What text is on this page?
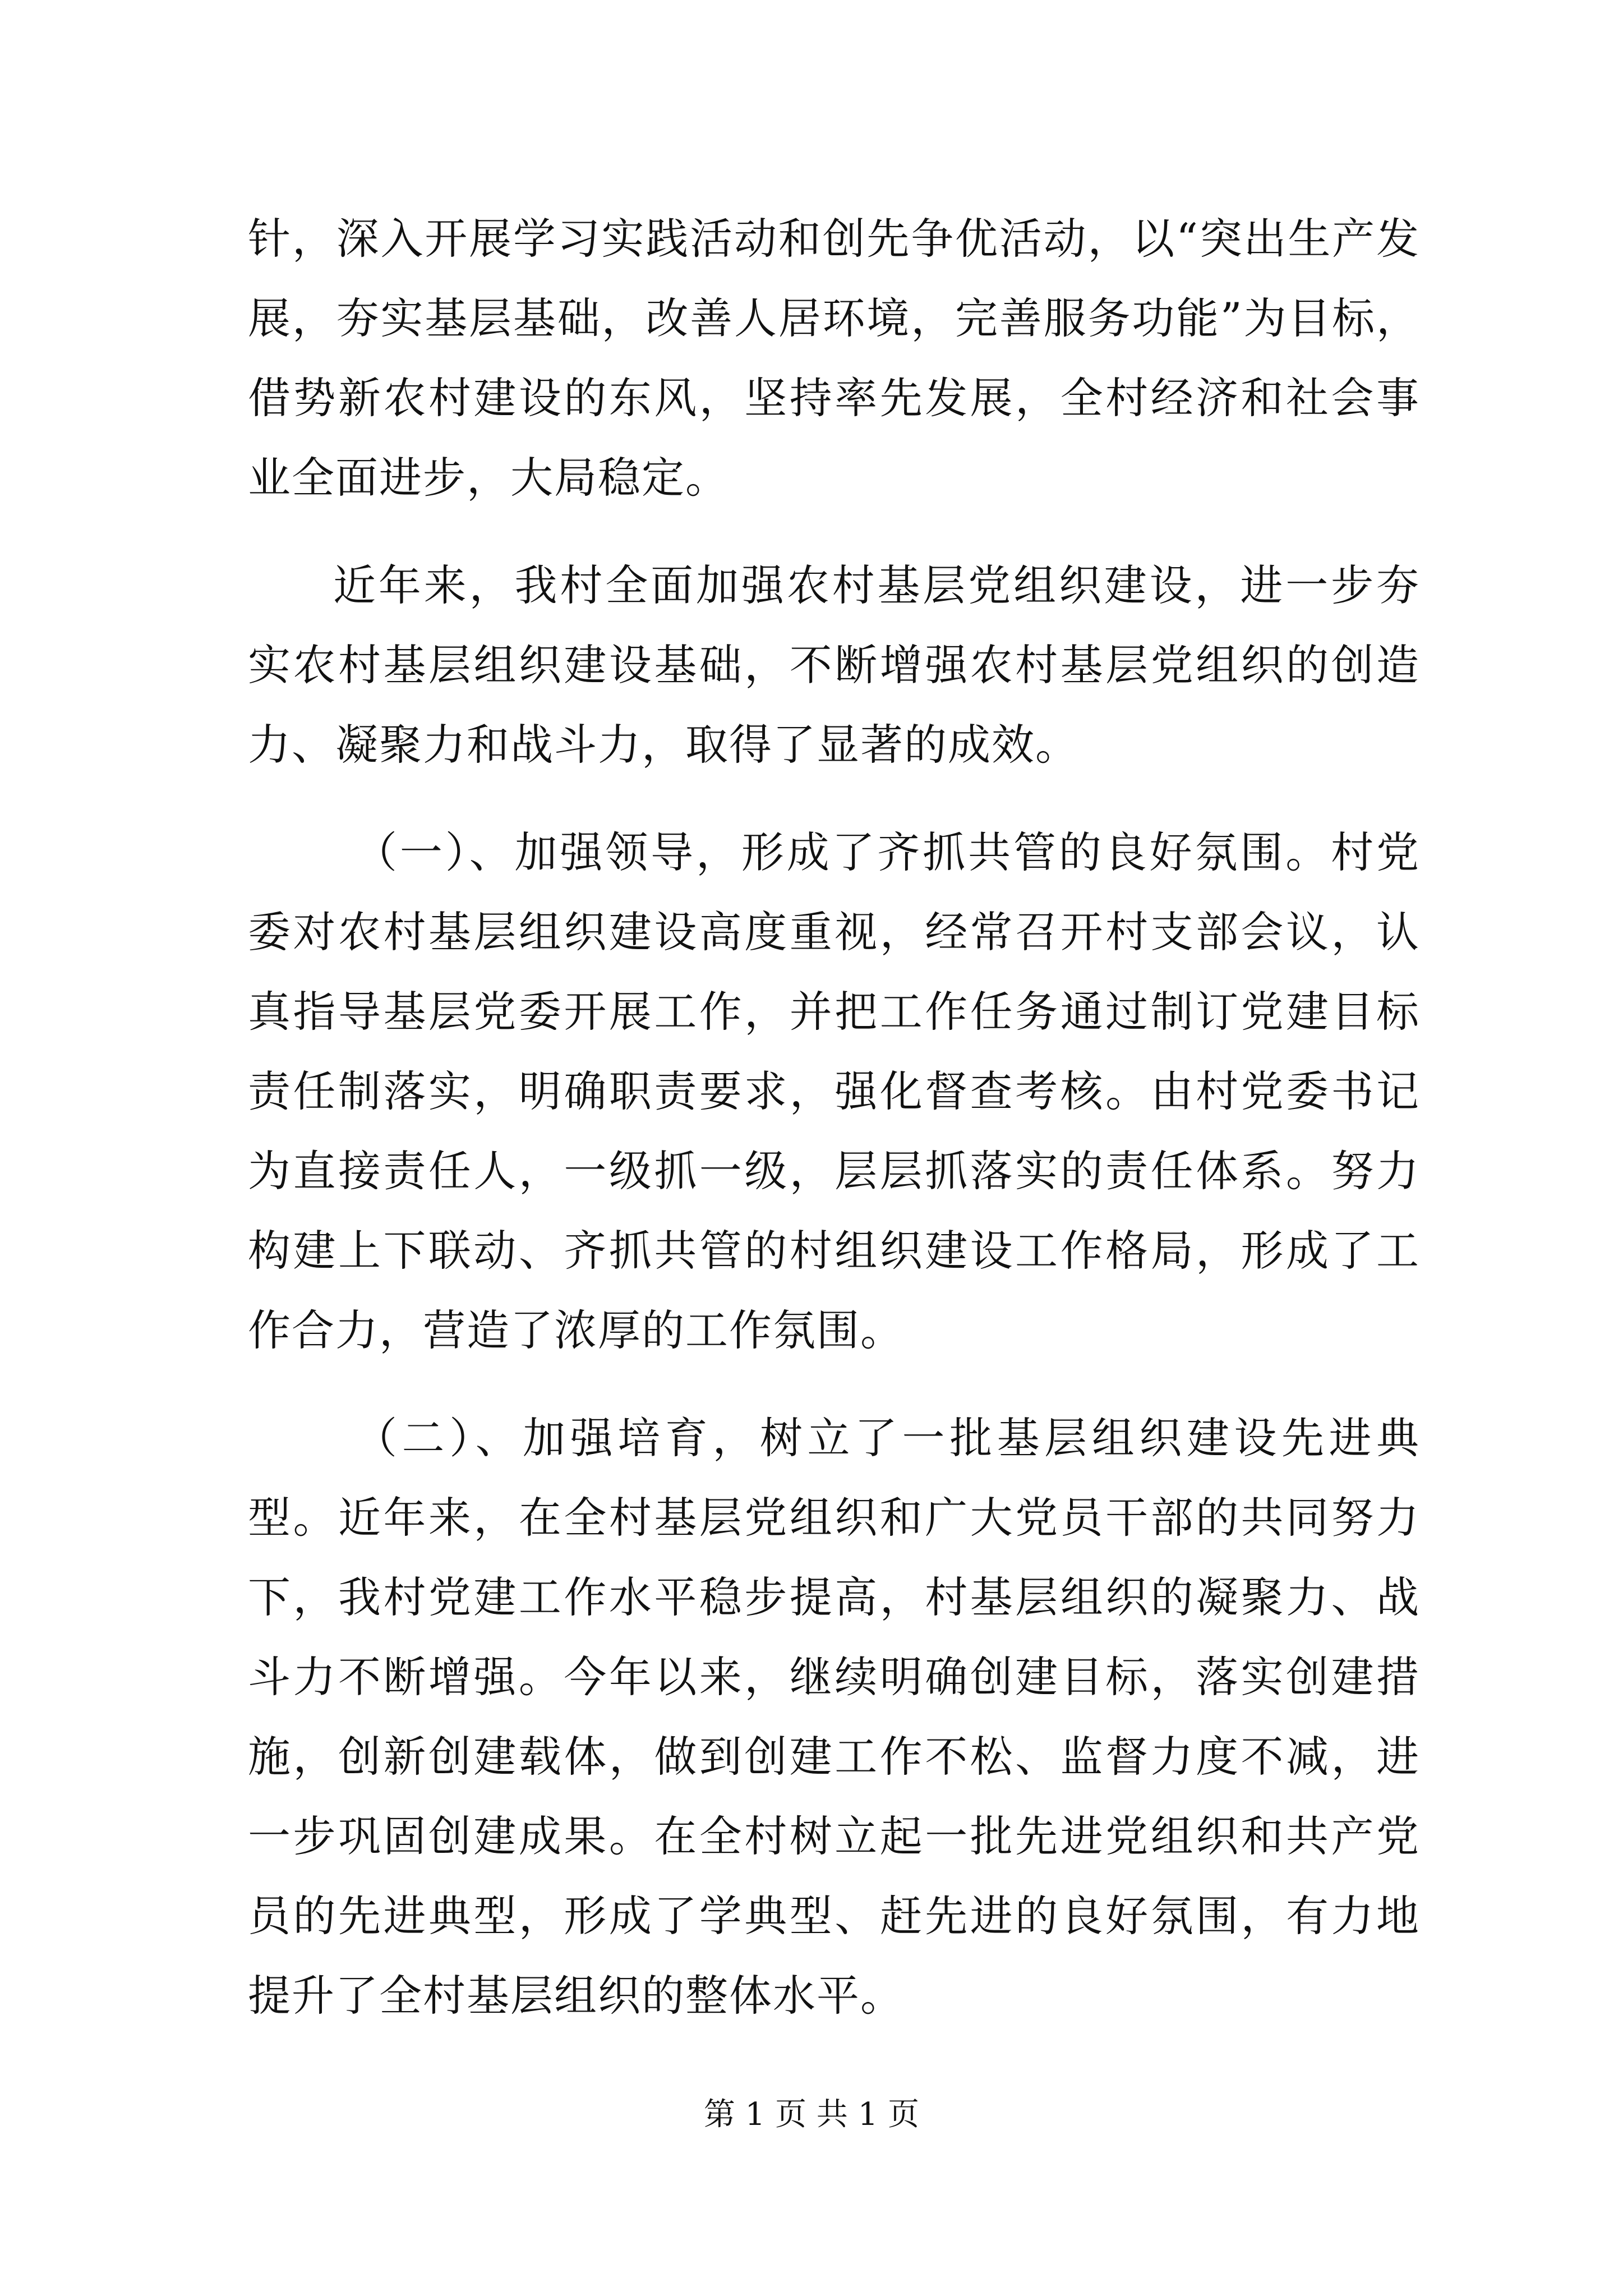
针，深入开展学习实践活动和创先争优活动，以“突出生产发展，夯实基层基础，改善人居环境，完善服务功能”为目标，借势新农村建设的东风，坚持率先发展，全村经济和社会事业全面进步，大局稳定。

近年来，我村全面加强农村基层党组织建设，进一步夯实农村基层组织建设基础，不断增强农村基层党组织的创造力、凝聚力和战斗力，取得了显著的成效。

（一）、加强领导，形成了齐抓共管的良好氛围。村党委对农村基层组织建设高度重视，经常召开村支部会议，认真指导基层党委开展工作，并把工作任务通过制订党建目标责任制落实，明确职责要求，强化督查考核。由村党委书记为直接责任人，一级抓一级，层层抓落实的责任体系。努力构建上下联动、齐抓共管的村组织建设工作格局，形成了工作合力，营造了浓厚的工作氛围。

（二）、加强培育，树立了一批基层组织建设先进典型。近年来，在全村基层党组织和广大党员干部的共同努力下，我村党建工作水平稳步提高，村基层组织的凝聚力、战斗力不断增强。今年以来，继续明确创建目标，落实创建措施，创新创建载体，做到创建工作不松、监督力度不减，进一步巩固创建成果。在全村树立起一批先进党组织和共产党员的先进典型，形成了学典型、赶先进的良好氛围，有力地提升了全村基层组织的整体水平。

第 1 页 共 1 页
